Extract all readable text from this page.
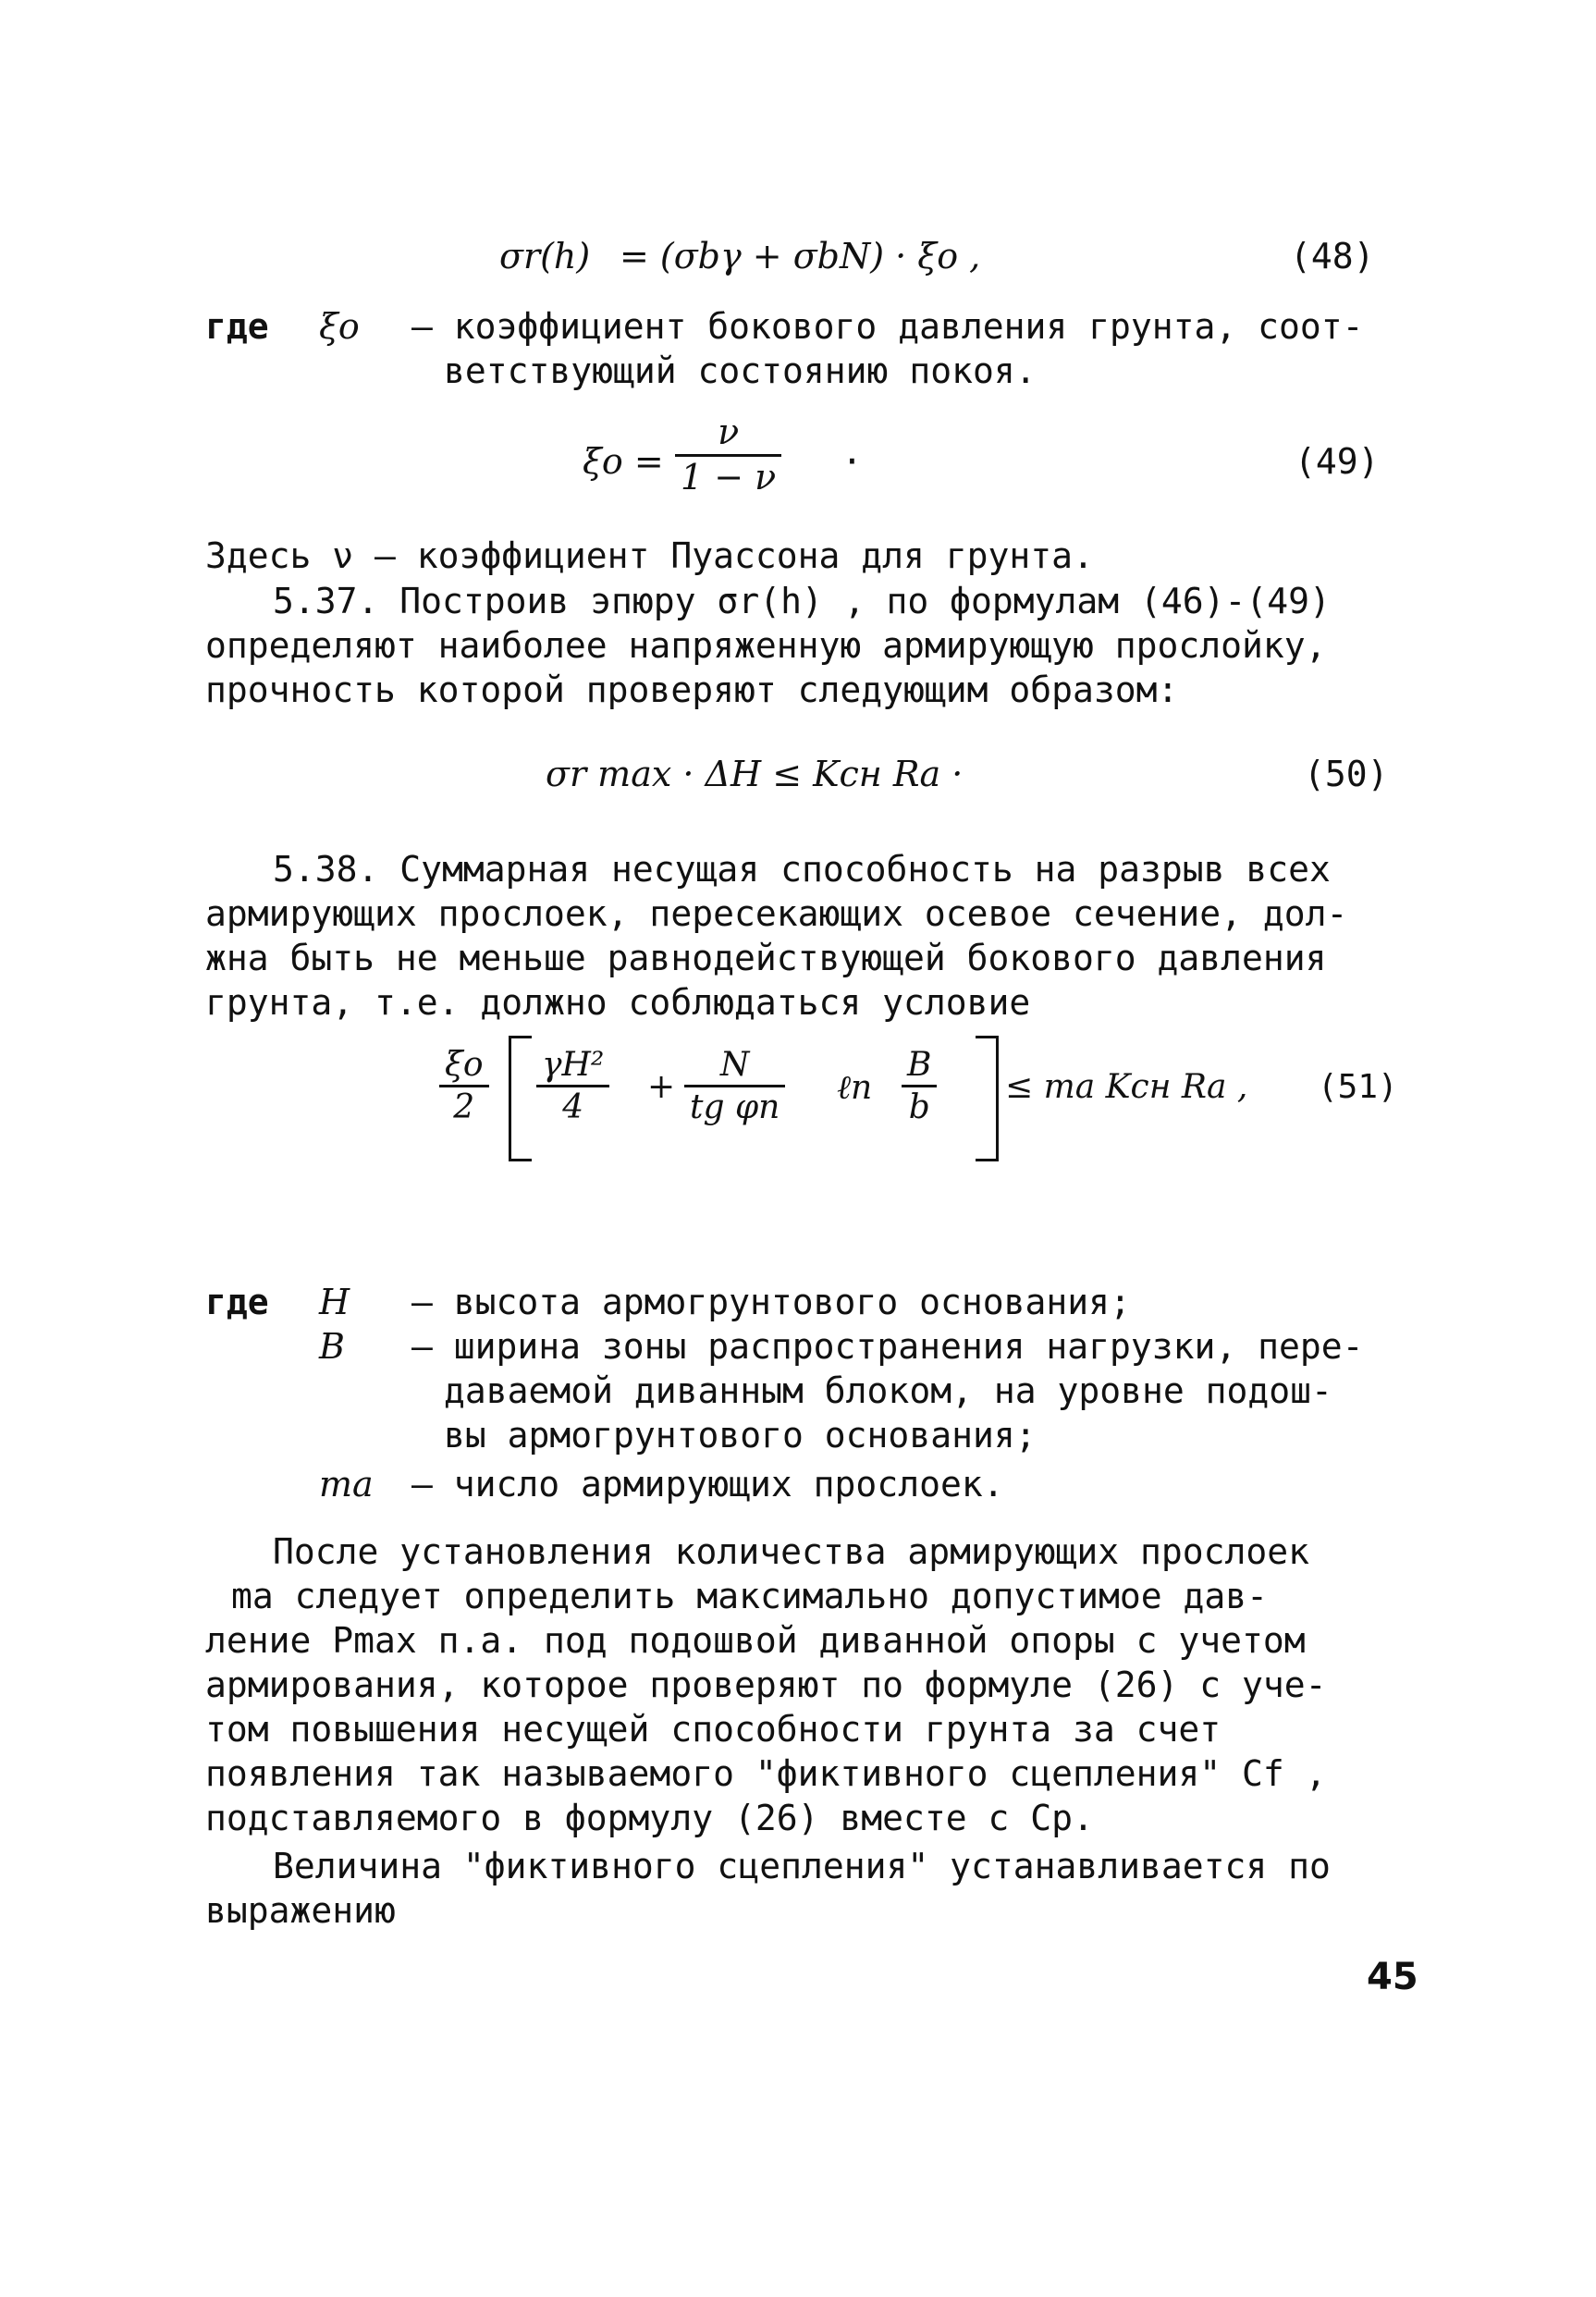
σr(h) = (σbγ + σbN) · ξo ,	(48)
где ξo – коэффициент бокового давления грунта, соот-
ветствующий состоянию покоя.
$\xi o = \frac{\nu}{1 - \nu}$ ·	(49)
Здесь ν – коэффициент Пуассона для грунта.
5.37. Построив эпюру σr(h) , по формулам (46)-(49)
определяют наиболее напряженную армирующую прослойку,
прочность которой проверяют следующим образом:
σr max · ΔH ≤ Kсн Rа ·	(50)
5.38. Суммарная несущая способность на разрыв всех
армирующих прослоек, пересекающих осевое сечение, дол-
жна быть не меньше равнодействующей бокового давления
грунта, т.е. должно соблюдаться условие
$\frac{\xi o}{2} \frac{\text{γH²}}{4} + \frac{N}{\text{tg φn}}$ ℓn $\frac{B}{b}$ ≤ mа Kсн Rа , (51)
где H – высота армогрунтового основания;
B – ширина зоны распространения нагрузки, пере-
даваемой диванным блоком, на уровне подош-
вы армогрунтового основания;
mа – число армирующих прослоек.
После установления количества армирующих прослоек
mа следует определить максимально допустимое дав-
ление Pmax п.а. под подошвой диванной опоры с учетом
армирования, которое проверяют по формуле (26) с уче-
том повышения несущей способности грунта за счет
появления так называемого "фиктивного сцепления" Cf ,
подставляемого в формулу (26) вместе с Cp.
Величина "фиктивного сцепления" устанавливается по
выражению
45
